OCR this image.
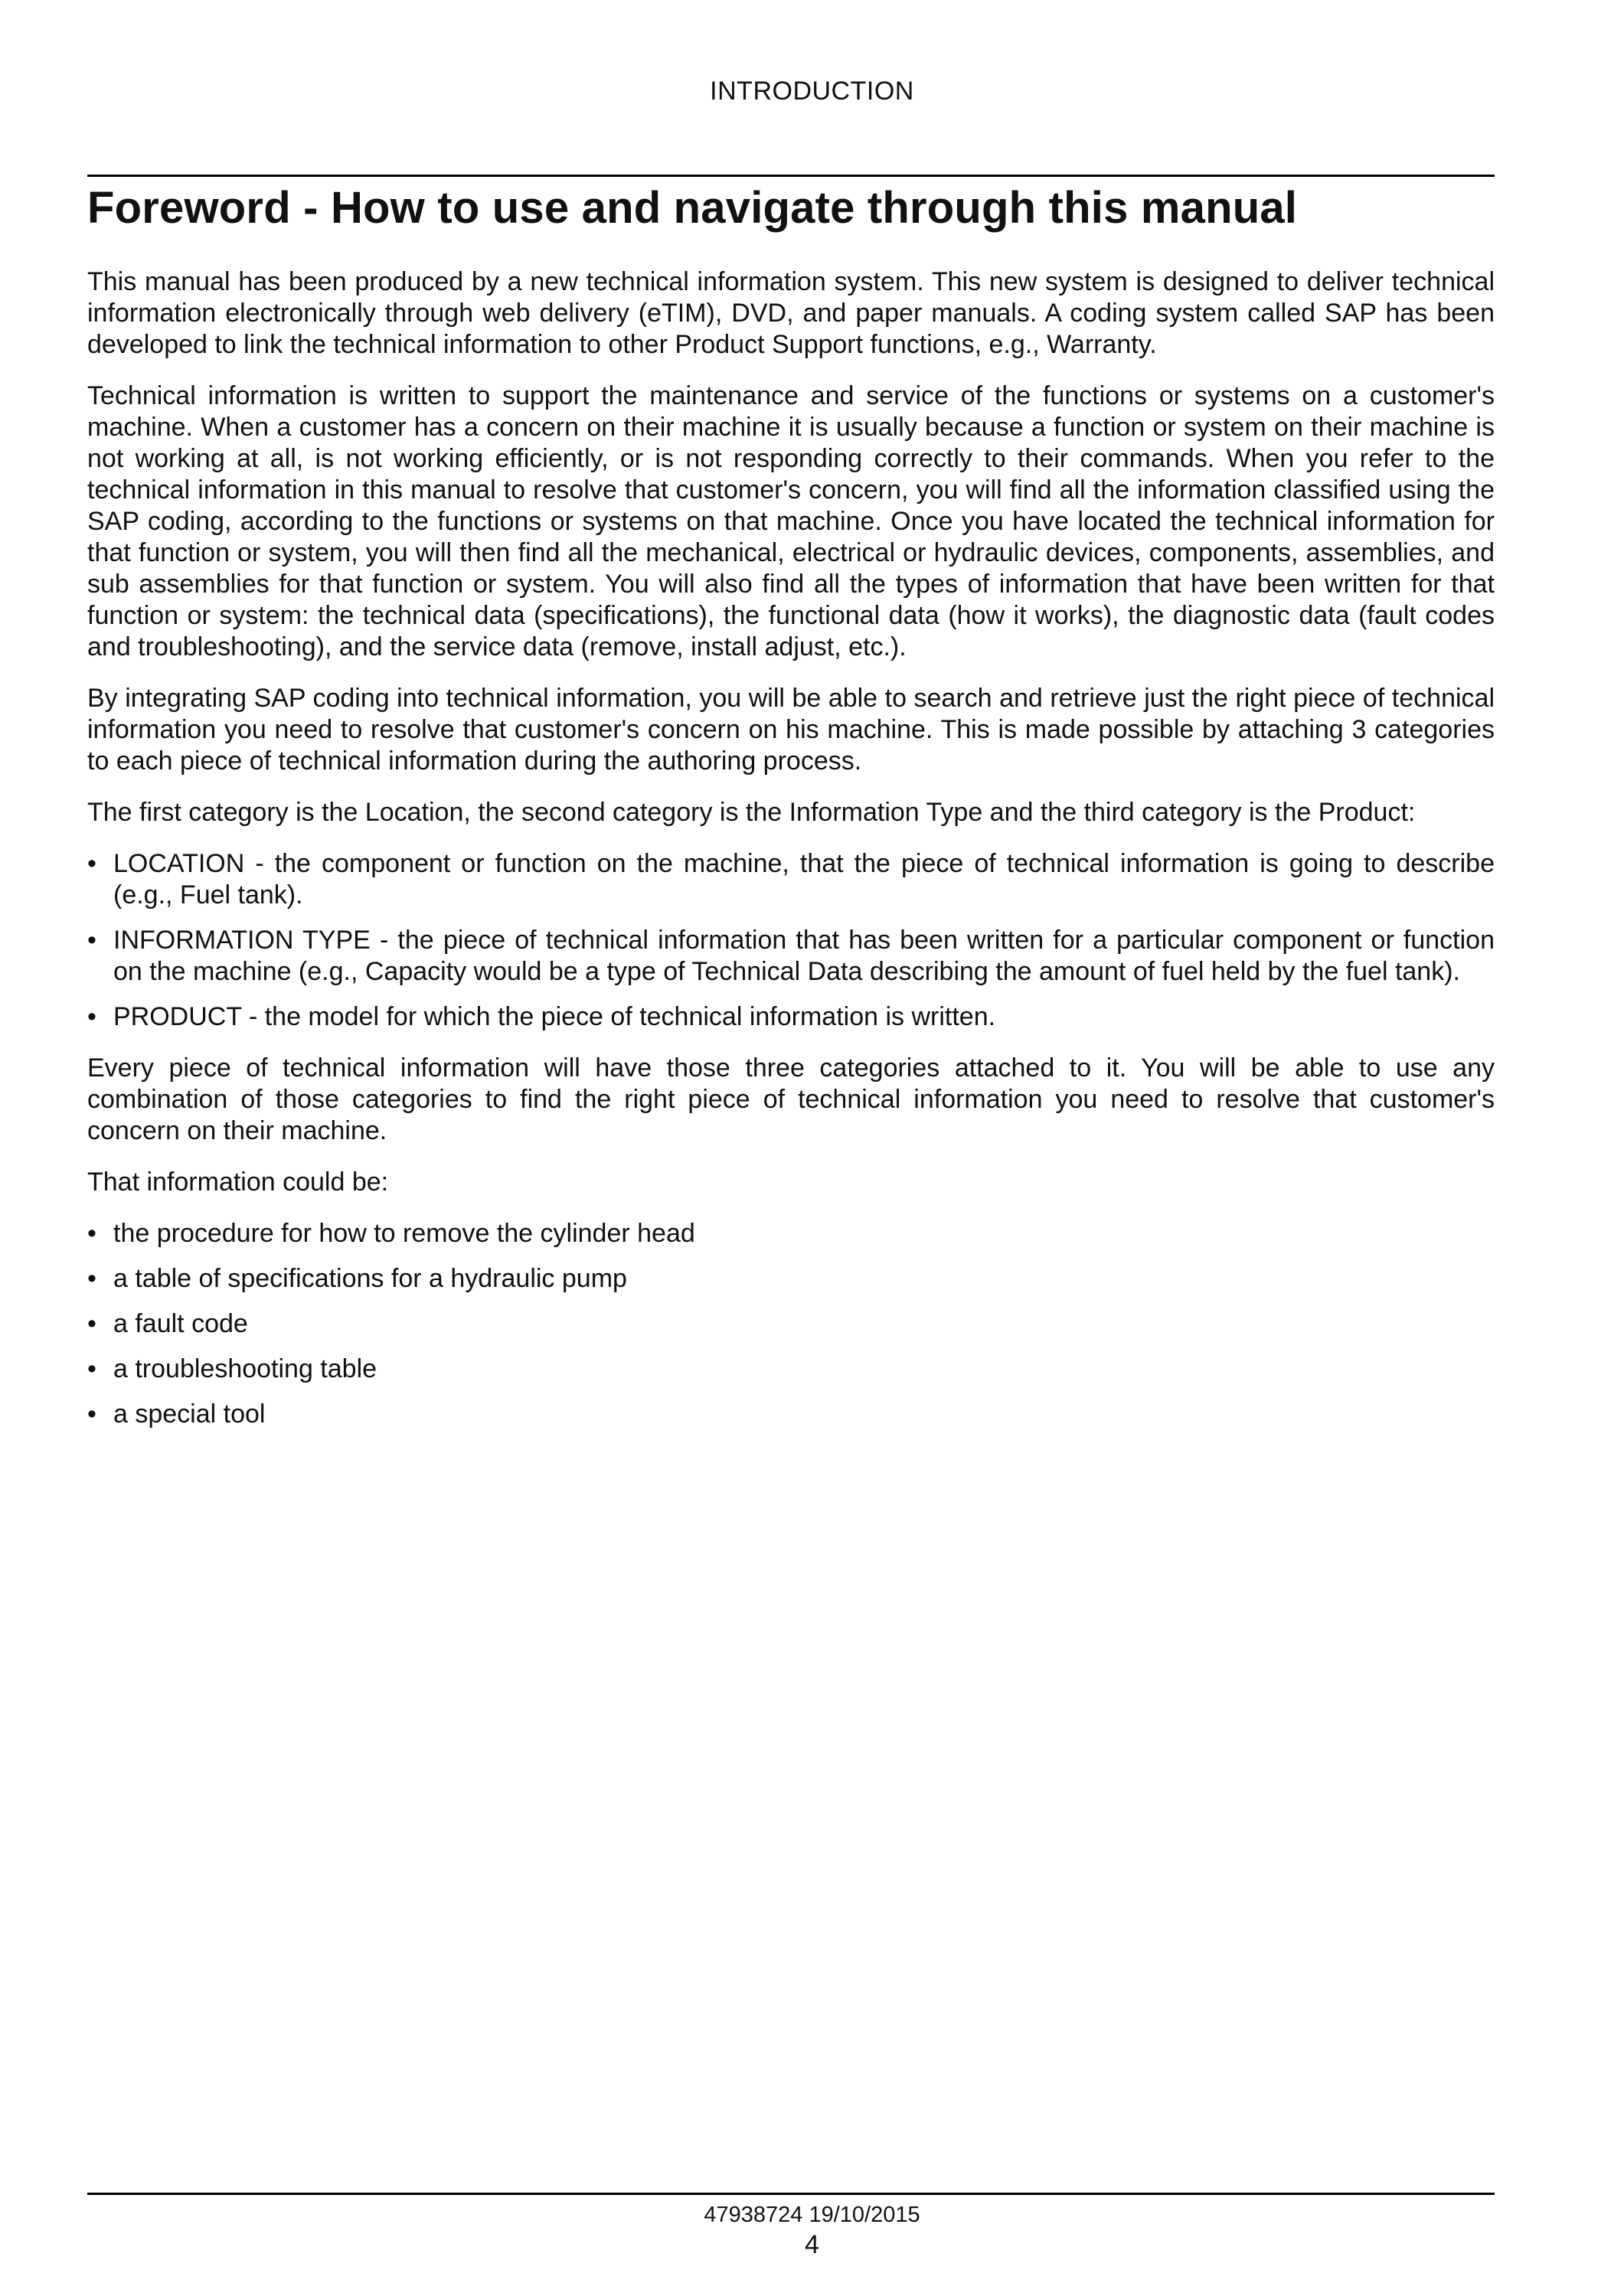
INTRODUCTION
Foreword - How to use and navigate through this manual

This manual has been produced by a new technical information system. This new system is designed to deliver technical information electronically through web delivery (eTIM), DVD, and paper manuals. A coding system called SAP has been developed to link the technical information to other Product Support functions, e.g., Warranty.

Technical information is written to support the maintenance and service of the functions or systems on a customer's machine. When a customer has a concern on their machine it is usually because a function or system on their machine is not working at all, is not working efficiently, or is not responding correctly to their commands. When you refer to the technical information in this manual to resolve that customer's concern, you will find all the information classified using the SAP coding, according to the functions or systems on that machine. Once you have located the technical information for that function or system, you will then find all the mechanical, electrical or hydraulic devices, components, assemblies, and sub assemblies for that function or system. You will also find all the types of information that have been written for that function or system: the technical data (specifications), the functional data (how it works), the diagnostic data (fault codes and troubleshooting), and the service data (remove, install adjust, etc.).

By integrating SAP coding into technical information, you will be able to search and retrieve just the right piece of technical information you need to resolve that customer's concern on his machine. This is made possible by attaching 3 categories to each piece of technical information during the authoring process.

The first category is the Location, the second category is the Information Type and the third category is the Product:

• LOCATION - the component or function on the machine, that the piece of technical information is going to describe (e.g., Fuel tank).
• INFORMATION TYPE - the piece of technical information that has been written for a particular component or function on the machine (e.g., Capacity would be a type of Technical Data describing the amount of fuel held by the fuel tank).
• PRODUCT - the model for which the piece of technical information is written.

Every piece of technical information will have those three categories attached to it. You will be able to use any combination of those categories to find the right piece of technical information you need to resolve that customer's concern on their machine.

That information could be:

• the procedure for how to remove the cylinder head
• a table of specifications for a hydraulic pump
• a fault code
• a troubleshooting table
• a special tool
47938724 19/10/2015
4
